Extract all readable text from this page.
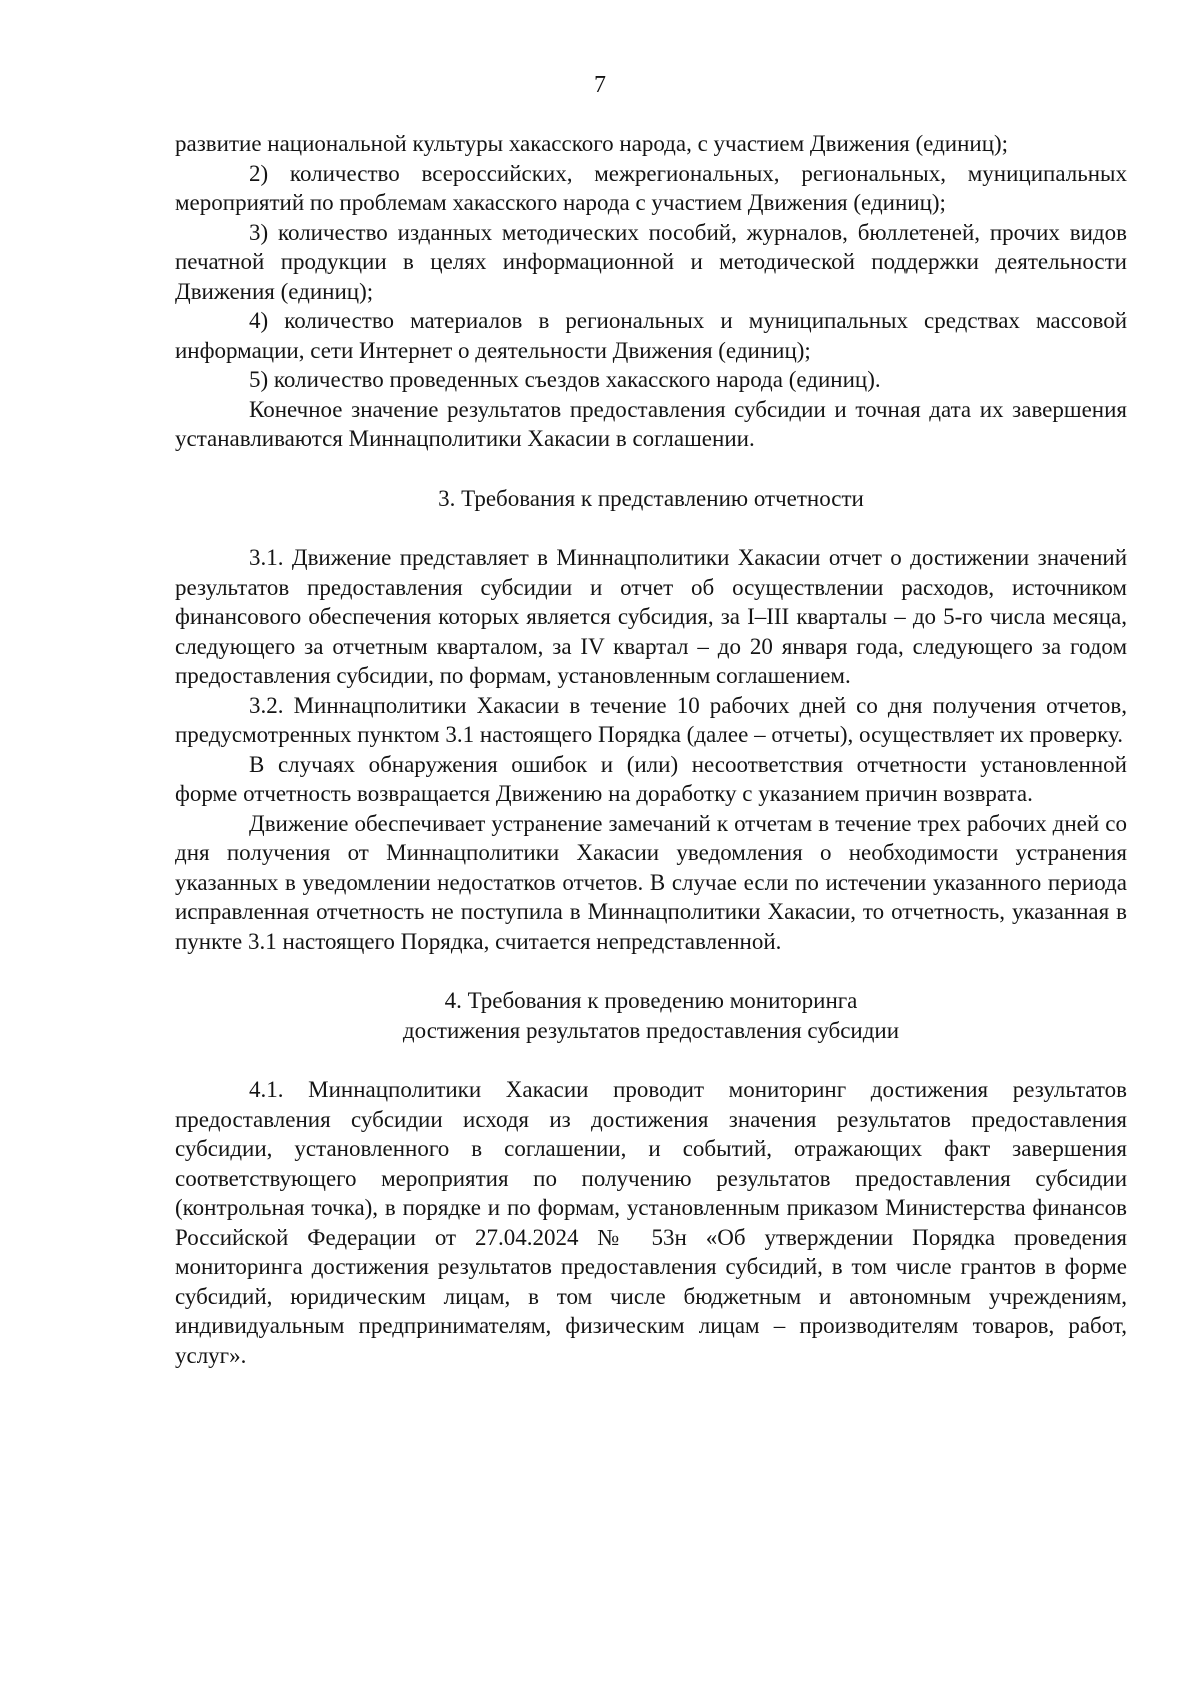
7

развитие национальной культуры хакасского народа, с участием Движения (единиц);

2) количество всероссийских, межрегиональных, региональных, муниципальных мероприятий по проблемам хакасского народа с участием Движения (единиц);

3) количество изданных методических пособий, журналов, бюллетеней, прочих видов печатной продукции в целях информационной и методической поддержки деятельности Движения (единиц);

4) количество материалов в региональных и муниципальных средствах массовой информации, сети Интернет о деятельности Движения (единиц);

5) количество проведенных съездов хакасского народа (единиц).

Конечное значение результатов предоставления субсидии и точная дата их завершения устанавливаются Миннацполитики Хакасии в соглашении.

3. Требования к представлению отчетности

3.1. Движение представляет в Миннацполитики Хакасии отчет о достижении значений результатов предоставления субсидии и отчет об осуществлении расходов, источником финансового обеспечения которых является субсидия, за I–III кварталы – до 5-го числа месяца, следующего за отчетным кварталом, за IV квартал – до 20 января года, следующего за годом предоставления субсидии, по формам, установленным соглашением.

3.2. Миннацполитики Хакасии в течение 10 рабочих дней со дня получения отчетов, предусмотренных пунктом 3.1 настоящего Порядка (далее – отчеты), осуществляет их проверку.

В случаях обнаружения ошибок и (или) несоответствия отчетности установленной форме отчетность возвращается Движению на доработку с указанием причин возврата.

Движение обеспечивает устранение замечаний к отчетам в течение трех рабочих дней со дня получения от Миннацполитики Хакасии уведомления о необходимости устранения указанных в уведомлении недостатков отчетов. В случае если по истечении указанного периода исправленная отчетность не поступила в Миннацполитики Хакасии, то отчетность, указанная в пункте 3.1 настоящего Порядка, считается непредставленной.

4. Требования к проведению мониторинга
достижения результатов предоставления субсидии

4.1. Миннацполитики Хакасии проводит мониторинг достижения результатов предоставления субсидии исходя из достижения значения результатов предоставления субсидии, установленного в соглашении, и событий, отражающих факт завершения соответствующего мероприятия по получению результатов предоставления субсидии (контрольная точка), в порядке и по формам, установленным приказом Министерства финансов Российской Федерации от 27.04.2024 № 53н «Об утверждении Порядка проведения мониторинга достижения результатов предоставления субсидий, в том числе грантов в форме субсидий, юридическим лицам, в том числе бюджетным и автономным учреждениям, индивидуальным предпринимателям, физическим лицам – производителям товаров, работ, услуг».
